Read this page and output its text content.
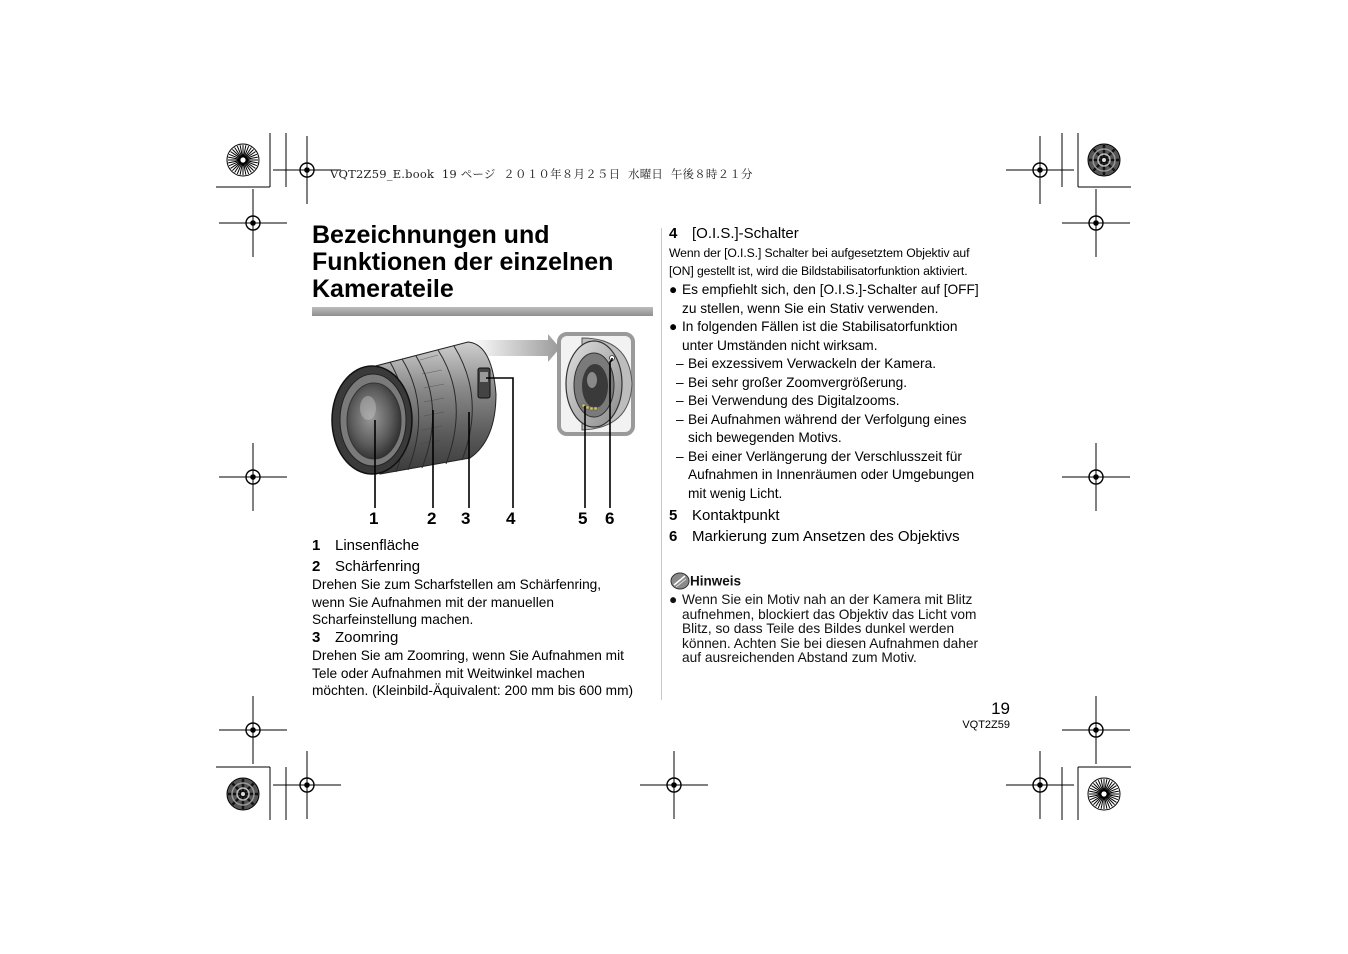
VQT2Z59_E.book  19 ページ  ２０１０年８月２５日  水曜日  午後８時２１分
Bezeichnungen und
Funktionen der einzelnen
Kamerateile
1	2 3 4	5 6
1 Linsenfläche
2 Schärfenring
Drehen Sie zum Scharfstellen am Schärfenring,
wenn Sie Aufnahmen mit der manuellen
Scharfeinstellung machen.
3 Zoomring
Drehen Sie am Zoomring, wenn Sie Aufnahmen mit
Tele oder Aufnahmen mit Weitwinkel machen
möchten. (Kleinbild-Äquivalent: 200 mm bis 600 mm)
4 [O.I.S.]-Schalter
Wenn der [O.I.S.] Schalter bei aufgesetztem Objektiv auf
[ON] gestellt ist, wird die Bildstabilisatorfunktion aktiviert.
● Es empfiehlt sich, den [O.I.S.]-Schalter auf [OFF]
zu stellen, wenn Sie ein Stativ verwenden.
● In folgenden Fällen ist die Stabilisatorfunktion
unter Umständen nicht wirksam.
– Bei exzessivem Verwackeln der Kamera.
– Bei sehr großer Zoomvergrößerung.
– Bei Verwendung des Digitalzooms.
– Bei Aufnahmen während der Verfolgung eines
sich bewegenden Motivs.
– Bei einer Verlängerung der Verschlusszeit für
Aufnahmen in Innenräumen oder Umgebungen
mit wenig Licht.
5 Kontaktpunkt
6 Markierung zum Ansetzen des Objektivs
Hinweis
● Wenn Sie ein Motiv nah an der Kamera mit Blitz
aufnehmen, blockiert das Objektiv das Licht vom
Blitz, so dass Teile des Bildes dunkel werden
können. Achten Sie bei diesen Aufnahmen daher
auf ausreichenden Abstand zum Motiv.
19
VQT2Z59
